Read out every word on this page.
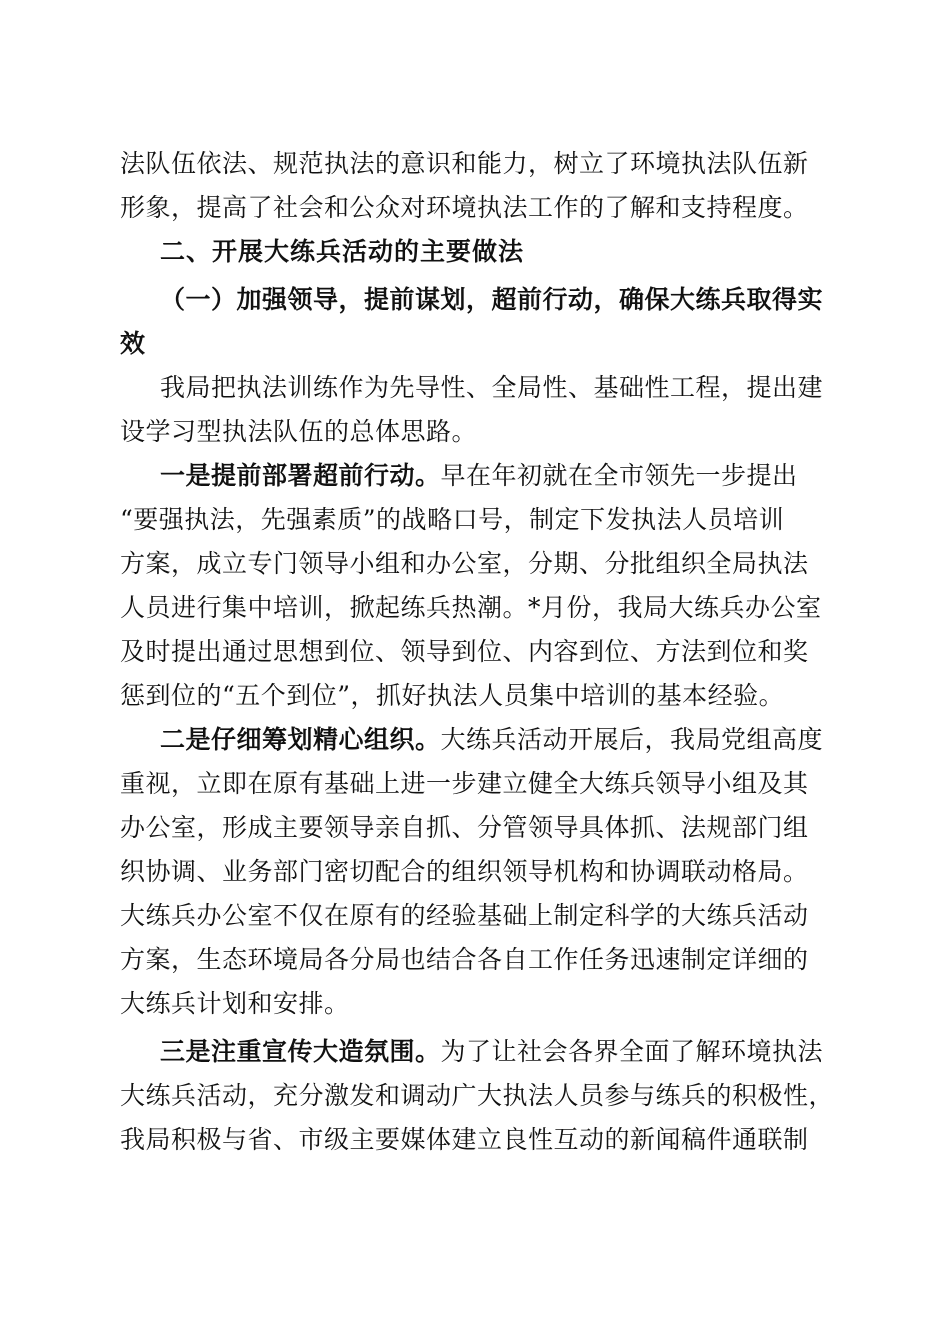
法队伍依法、规范执法的意识和能力，树立了环境执法队伍新
形象，提高了社会和公众对环境执法工作的了解和支持程度。
二、开展大练兵活动的主要做法
（一）加强领导，提前谋划，超前行动，确保大练兵取得实
效
我局把执法训练作为先导性、全局性、基础性工程，提出建
设学习型执法队伍的总体思路。
一是提前部署超前行动。早在年初就在全市领先一步提出
“要强执法，先强素质”的战略口号，制定下发执法人员培训
方案，成立专门领导小组和办公室，分期、分批组织全局执法
人员进行集中培训，掀起练兵热潮。*月份，我局大练兵办公室
及时提出通过思想到位、领导到位、内容到位、方法到位和奖
惩到位的“五个到位”，抓好执法人员集中培训的基本经验。
二是仔细筹划精心组织。大练兵活动开展后，我局党组高度
重视，立即在原有基础上进一步建立健全大练兵领导小组及其
办公室，形成主要领导亲自抓、分管领导具体抓、法规部门组
织协调、业务部门密切配合的组织领导机构和协调联动格局。
大练兵办公室不仅在原有的经验基础上制定科学的大练兵活动
方案，生态环境局各分局也结合各自工作任务迅速制定详细的
大练兵计划和安排。
三是注重宣传大造氛围。为了让社会各界全面了解环境执法
大练兵活动，充分激发和调动广大执法人员参与练兵的积极性，
我局积极与省、市级主要媒体建立良性互动的新闻稿件通联制
